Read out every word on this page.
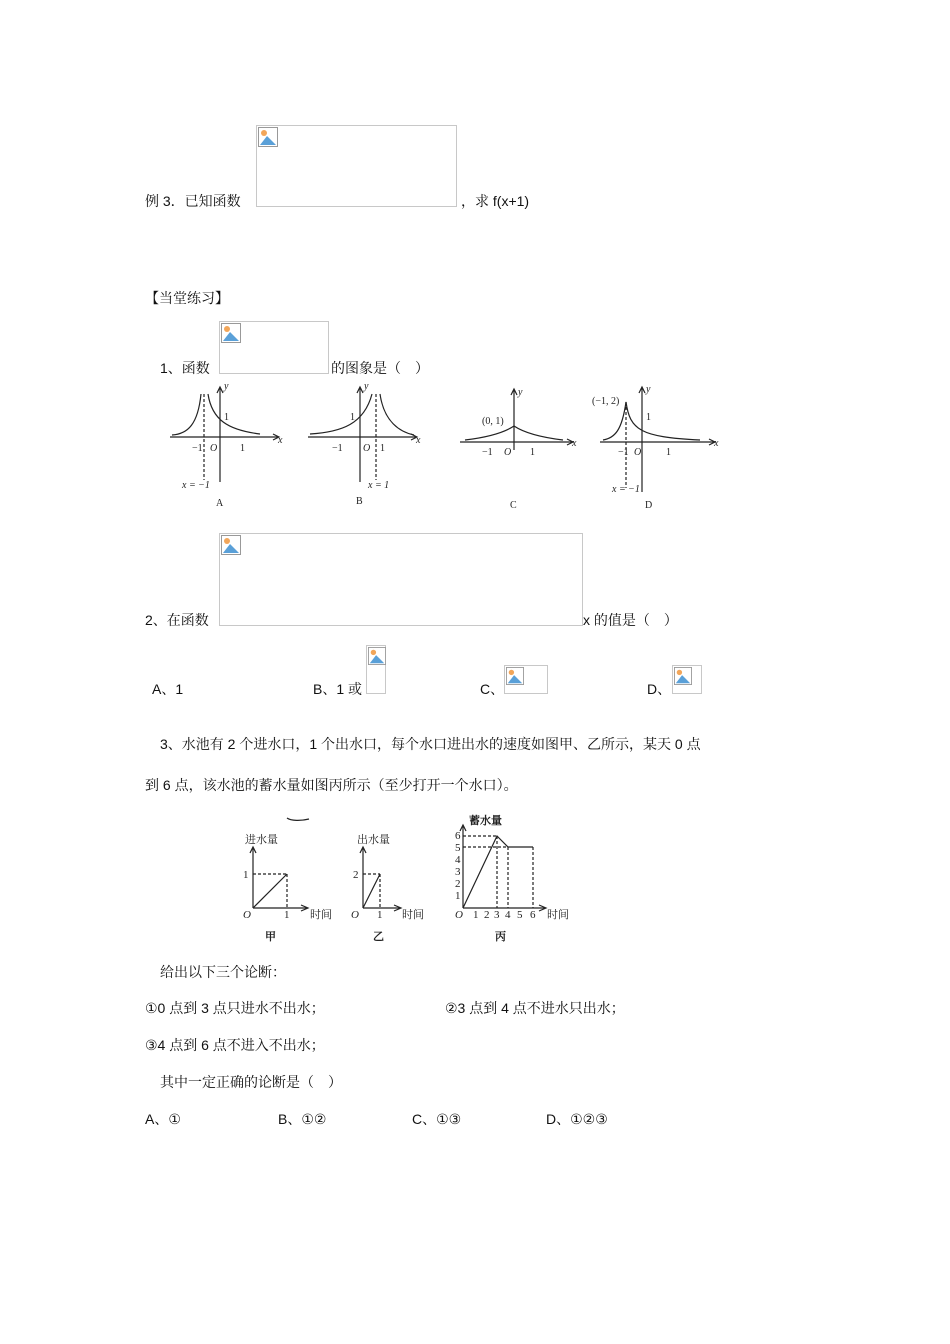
例 3．已知函数	，求 f(x+1)
【当堂练习】
1、函数	的图象是（　）
y
x
1
−1 O 1
x = −1
A
y
x
1
−1 O 1
x = 1
B
y
x
(0, 1)
−1 O 1
C
y
x
(−1, 2)
1
−1 O 1
x = −1
D
2、在函数	x 的值是（　）
A、1	B、1 或	C、	D、
3、水池有 2 个进水口，1 个出水口，每个水口进出水的速度如图甲、乙所示，某天 0 点
到 6 点，该水池的蓄水量如图丙所示（至少打开一个水口）。
进水量
时间
1
O	1
甲
出水量
时间
2
O 1
乙
蓄水量
时间
6
5
4
3
2
1
O 1 2 3 4 5 6
丙
给出以下三个论断：
①0 点到 3 点只进水不出水；	②3 点到 4 点不进水只出水；
③4 点到 6 点不进入不出水；
其中一定正确的论断是（　）
A、①	B、①②	C、①③	D、①②③
